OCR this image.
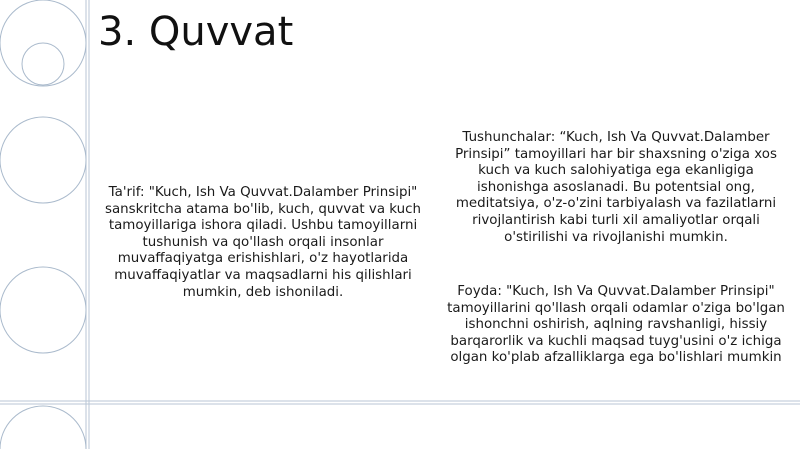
3. Quvvat

Ta'rif: "Kuch, Ish Va Quvvat.Dalamber Prinsipi" sanskritcha atama bo'lib, kuch, quvvat va kuch tamoyillariga ishora qiladi. Ushbu tamoyillarni tushunish va qo'llash orqali insonlar muvaffaqiyatga erishishlari, o'z hayotlarida muvaffaqiyatlar va maqsadlarni his qilishlari mumkin, deb ishoniladi.

Tushunchalar: “Kuch, Ish Va Quvvat.Dalamber Prinsipi” tamoyillari har bir shaxsning o'ziga xos kuch va kuch salohiyatiga ega ekanligiga ishonishga asoslanadi. Bu potentsial ong, meditatsiya, o'z-o'zini tarbiyalash va fazilatlarni rivojlantirish kabi turli xil amaliyotlar orqali o'stirilishi va rivojlanishi mumkin.

Foyda: "Kuch, Ish Va Quvvat.Dalamber Prinsipi" tamoyillarini qo'llash orqali odamlar o'ziga bo'lgan ishonchni oshirish, aqlning ravshanligi, hissiy barqarorlik va kuchli maqsad tuyg'usini o'z ichiga olgan ko'plab afzalliklarga ega bo'lishlari mumkin
